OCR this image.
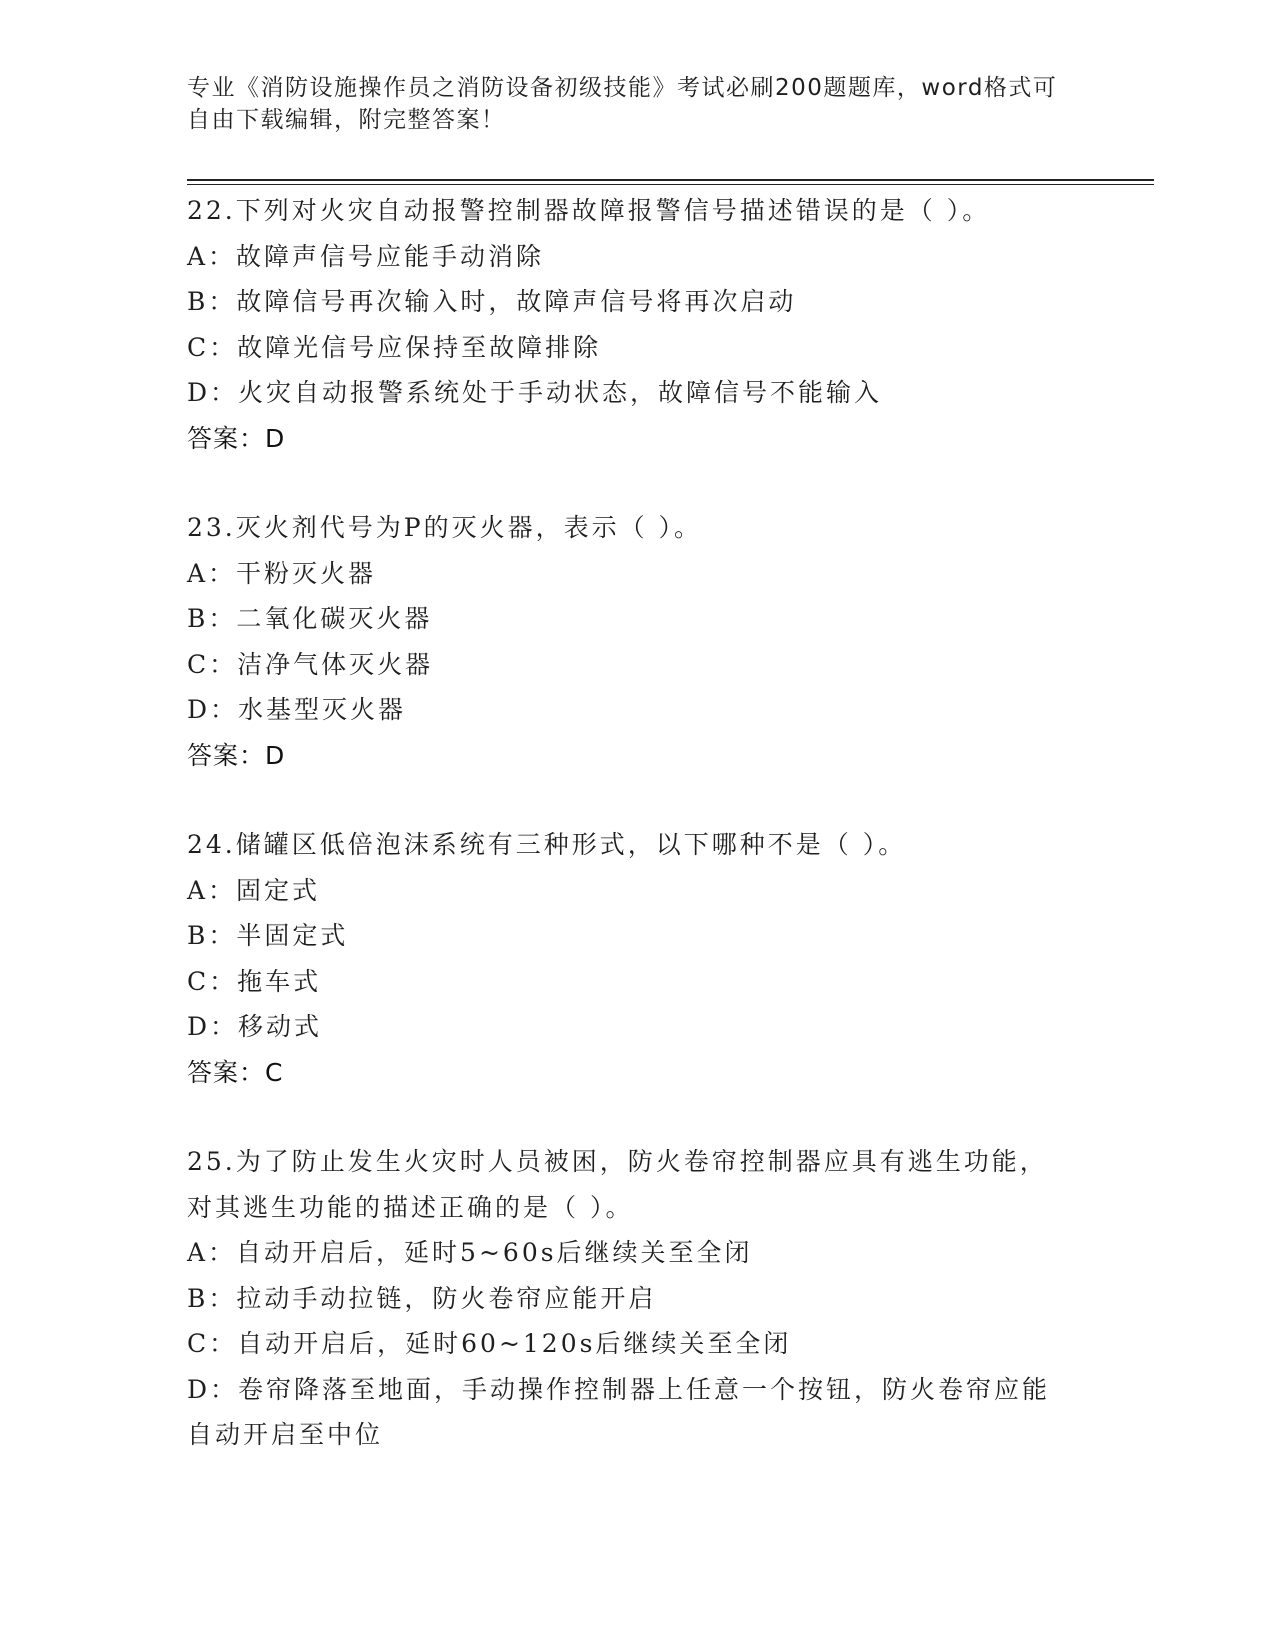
专业《消防设施操作员之消防设备初级技能》考试必刷200题题库，word格式可
自由下载编辑，附完整答案！
22.下列对火灾自动报警控制器故障报警信号描述错误的是（ ）。
A：故障声信号应能手动消除
B：故障信号再次输入时，故障声信号将再次启动
C：故障光信号应保持至故障排除
D：火灾自动报警系统处于手动状态，故障信号不能输入
答案：D
23.灭火剂代号为P的灭火器，表示（ ）。
A：干粉灭火器
B：二氧化碳灭火器
C：洁净气体灭火器
D：水基型灭火器
答案：D
24.储罐区低倍泡沫系统有三种形式，以下哪种不是（ ）。
A：固定式
B：半固定式
C：拖车式
D：移动式
答案：C
25.为了防止发生火灾时人员被困，防火卷帘控制器应具有逃生功能，
对其逃生功能的描述正确的是（ ）。
A：自动开启后，延时5~60s后继续关至全闭
B：拉动手动拉链，防火卷帘应能开启
C：自动开启后，延时60~120s后继续关至全闭
D：卷帘降落至地面，手动操作控制器上任意一个按钮，防火卷帘应能
自动开启至中位
